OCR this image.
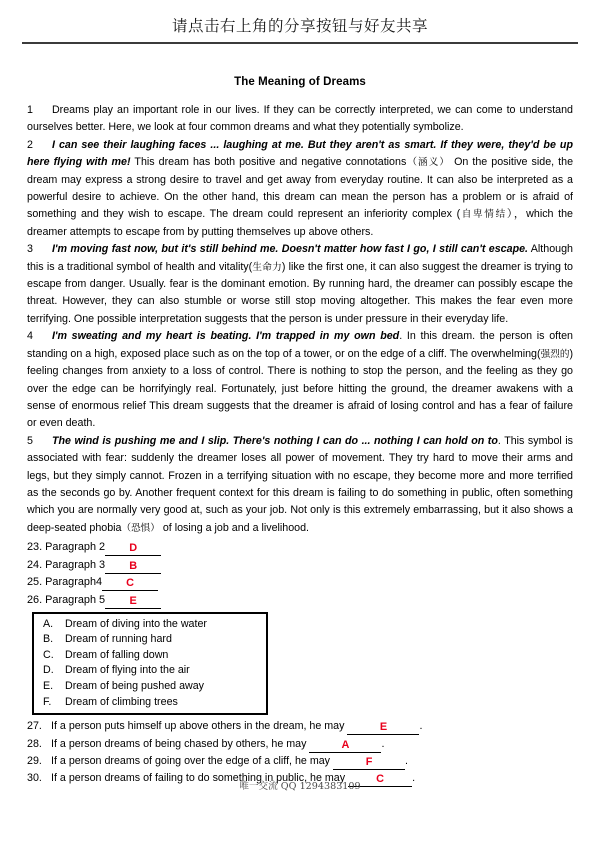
请点击右上角的分享按钮与好友共享
The Meaning of Dreams

1 Dreams play an important role in our lives. If they can be correctly interpreted, we can come to understand ourselves better. Here, we look at four common dreams and what they potentially symbolize.

2 I can see their laughing faces ... laughing at me. But they aren't as smart. If they were, they'd be up here flying with me! This dream has both positive and negative connotations（涵义） On the positive side, the dream may express a strong desire to travel and get away from everyday routine. It can also be interpreted as a powerful desire to achieve. On the other hand, this dream can mean the person has a problem or is afraid of something and they wish to escape. The dream could represent an inferiority complex (自卑情结），which the dreamer attempts to escape from by putting themselves up above others.

3 I'm moving fast now, but it's still behind me. Doesn't matter how fast I go, I still can't escape. Although this is a traditional symbol of health and vitality(生命力) like the first one, it can also suggest the dreamer is trying to escape from danger. Usually. fear is the dominant emotion. By running hard, the dreamer can possibly escape the threat. However, they can also stumble or worse still stop moving altogether. This makes the fear even more terrifying. One possible interpretation suggests that the person is under pressure in their everyday life.

4 I'm sweating and my heart is beating. I'm trapped in my own bed. In this dream. the person is often standing on a high, exposed place such as on the top of a tower, or on the edge of a cliff. The overwhelming(强烈的) feeling changes from anxiety to a loss of control. There is nothing to stop the person, and the feeling as they go over the edge can be horrifyingly real. Fortunately, just before hitting the ground, the dreamer awakens with a sense of enormous relief This dream suggests that the dreamer is afraid of losing control and has a fear of failure or even death.

5 The wind is pushing me and I slip. There's nothing I can do ... nothing I can hold on to. This symbol is associated with fear: suddenly the dreamer loses all power of movement. They try hard to move their arms and legs, but they simply cannot. Frozen in a terrifying situation with no escape, they become more and more terrified as the seconds go by. Another frequent context for this dream is failing to do something in public, often something which you are normally very good at, such as your job. Not only is this extremely embarrassing, but it also shows a deep-seated phobia（恐惧） of losing a job and a livelihood.

23. Paragraph 2 D
24. Paragraph 3 B
25. Paragraph4 C
26. Paragraph 5 E
A. Dream of diving into the water
B. Dream of running hard
C. Dream of falling down
D. Dream of flying into the air
E. Dream of being pushed away
F. Dream of climbing trees
27. If a person puts himself up above others in the dream, he may	E	.
28. If a person dreams of being chased by others, he may	A	.
29. If a person dreams of going over the edge of a cliff, he may	F	.
30. If a person dreams of failing to do something in public, he may	C	.
唯一交流 QQ 1294383109
